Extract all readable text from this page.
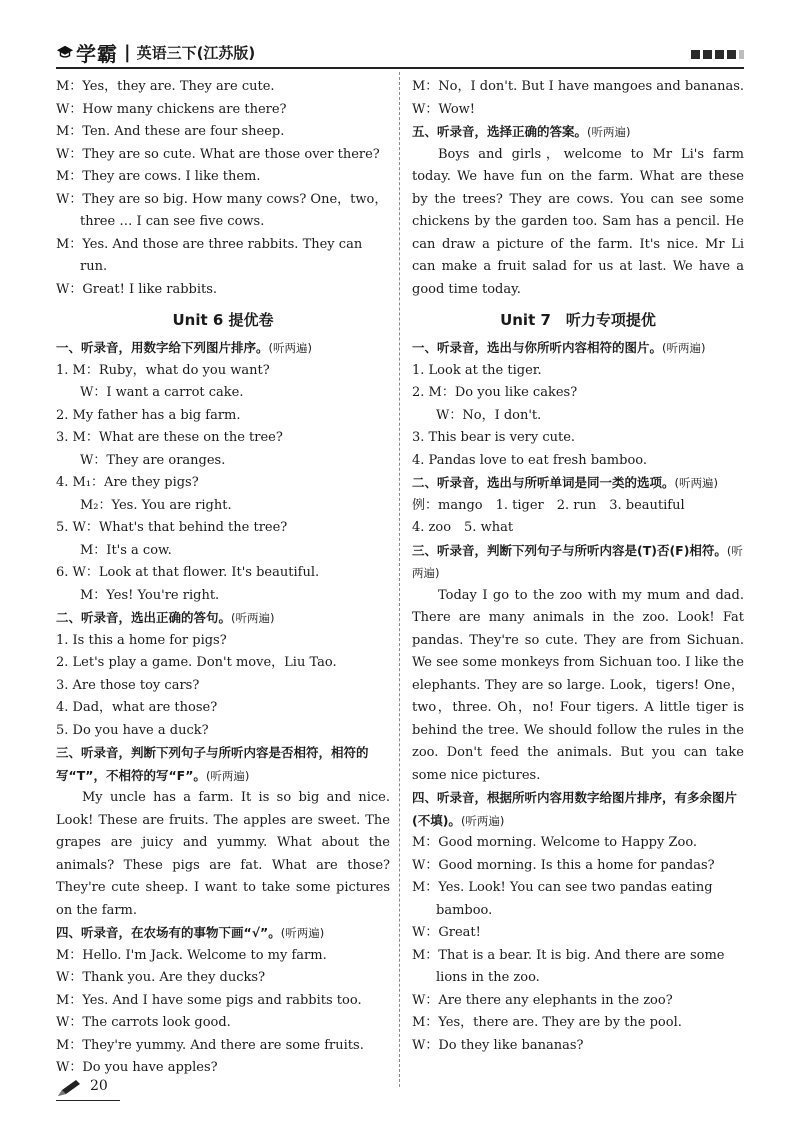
学霸 | 英语三下(江苏版)
M：Yes，they are. They are cute.
W：How many chickens are there?
M：Ten. And these are four sheep.
W：They are so cute. What are those over there?
M：They are cows. I like them.
W：They are so big. How many cows? One，two，three … I can see five cows.
M：Yes. And those are three rabbits. They can run.
W：Great! I like rabbits.
Unit 6 提优卷
一、听录音，用数字给下列图片排序。(听两遍)
1. M：Ruby，what do you want?
W：I want a carrot cake.
2. My father has a big farm.
3. M：What are these on the tree?
W：They are oranges.
4. M₁：Are they pigs?
M₂：Yes. You are right.
5. W：What's that behind the tree?
M：It's a cow.
6. W：Look at that flower. It's beautiful.
M：Yes! You're right.
二、听录音，选出正确的答句。(听两遍)
1. Is this a home for pigs?
2. Let's play a game. Don't move，Liu Tao.
3. Are those toy cars?
4. Dad，what are those?
5. Do you have a duck?
三、听录音，判断下列句子与所听内容是否相符，相符的写“T”，不相符的写“F”。(听两遍)
My uncle has a farm. It is so big and nice. Look! These are fruits. The apples are sweet. The grapes are juicy and yummy. What about the animals? These pigs are fat. What are those? They're cute sheep. I want to take some pictures on the farm.
四、听录音，在农场有的事物下画“√”。(听两遍)
M：Hello. I'm Jack. Welcome to my farm.
W：Thank you. Are they ducks?
M：Yes. And I have some pigs and rabbits too.
W：The carrots look good.
M：They're yummy. And there are some fruits.
W：Do you have apples?
M：No，I don't. But I have mangoes and bananas.
W：Wow!
五、听录音，选择正确的答案。(听两遍)
Boys and girls，welcome to Mr Li's farm today. We have fun on the farm. What are these by the trees? They are cows. You can see some chickens by the garden too. Sam has a pencil. He can draw a picture of the farm. It's nice. Mr Li can make a fruit salad for us at last. We have a good time today.
Unit 7　听力专项提优
一、听录音，选出与你所听内容相符的图片。(听两遍)
1. Look at the tiger.
2. M：Do you like cakes?
W：No，I don't.
3. This bear is very cute.
4. Pandas love to eat fresh bamboo.
二、听录音，选出与所听单词是同一类的选项。(听两遍)
例：mango　1. tiger　2. run　3. beautiful
4. zoo　5. what
三、听录音，判断下列句子与所听内容是(T)否(F)相符。(听两遍)
Today I go to the zoo with my mum and dad. There are many animals in the zoo. Look! Fat pandas. They're so cute. They are from Sichuan. We see some monkeys from Sichuan too. I like the elephants. They are so large. Look，tigers! One，two，three. Oh，no! Four tigers. A little tiger is behind the tree. We should follow the rules in the zoo. Don't feed the animals. But you can take some nice pictures.
四、听录音，根据所听内容用数字给图片排序，有多余图片(不填)。(听两遍)
M：Good morning. Welcome to Happy Zoo.
W：Good morning. Is this a home for pandas?
M：Yes. Look! You can see two pandas eating bamboo.
W：Great!
M：That is a bear. It is big. And there are some lions in the zoo.
W：Are there any elephants in the zoo?
M：Yes，there are. They are by the pool.
W：Do they like bananas?
20
